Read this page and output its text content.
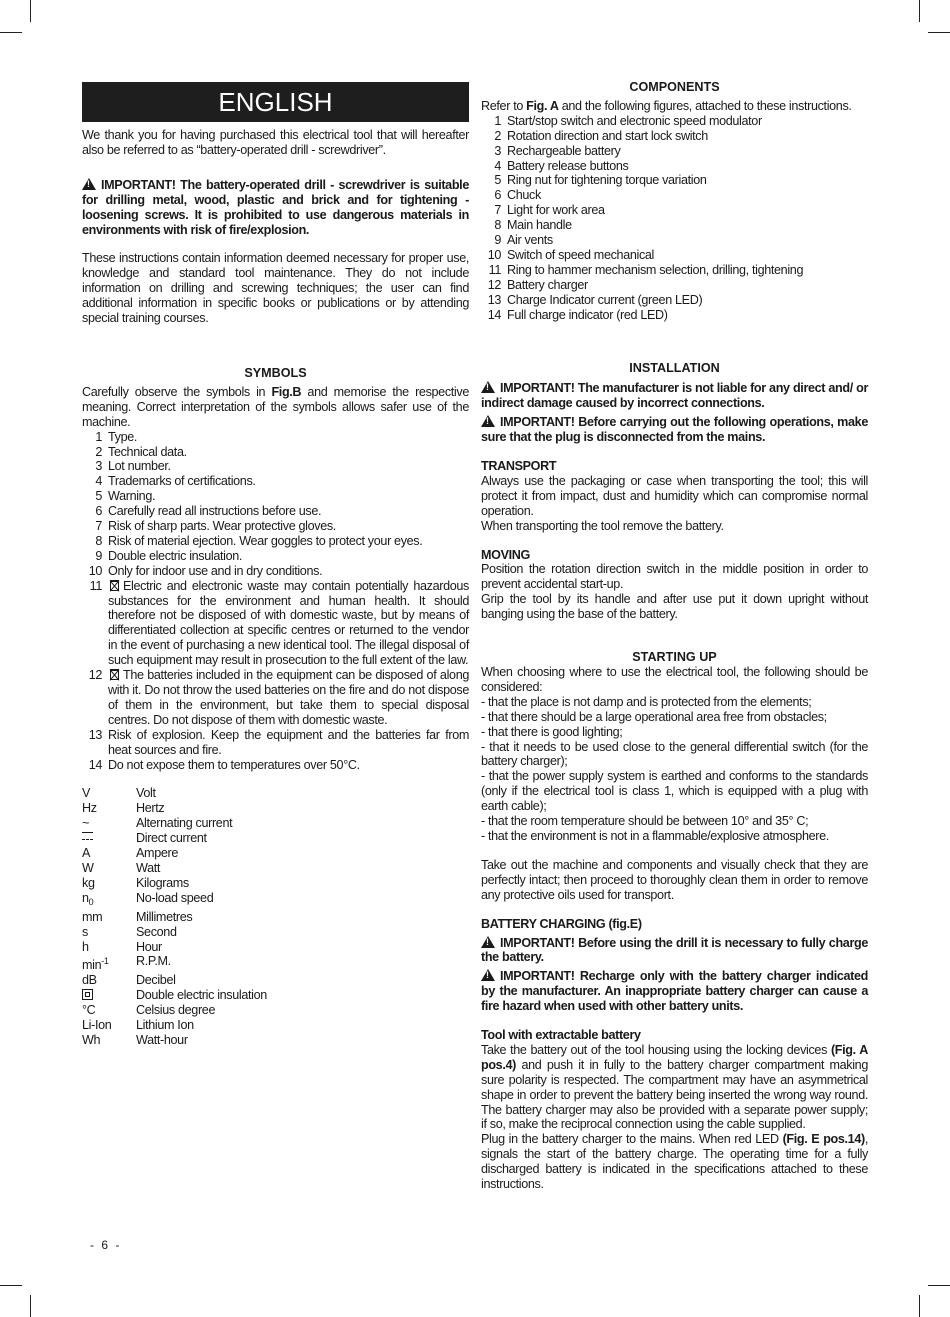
ENGLISH

We thank you for having purchased this electrical tool that will hereafter also be referred to as “battery-operated drill - screwdriver”.

!IMPORTANT! The battery-operated drill - screwdriver is suitable for drilling metal, wood, plastic and brick and for tightening - loosening screws. It is prohibited to use dangerous materials in environments with risk of fire/explosion.

These instructions contain information deemed necessary for proper use, knowledge and standard tool maintenance. They do not include information on drilling and screwing techniques; the user can find additional information in specific books or publications or by attending special training courses.

SYMBOLS

Carefully observe the symbols in Fig.B and memorise the respective meaning. Correct interpretation of the symbols allows safer use of the machine.

1 Type.
2 Technical data.
3 Lot number.
4 Trademarks of certifications.
5 Warning.
6 Carefully read all instructions before use.
7 Risk of sharp parts. Wear protective gloves.
8 Risk of material ejection. Wear goggles to protect your eyes.
9 Double electric insulation.
10 Only for indoor use and in dry conditions.
11	Electric and electronic waste may contain potentially hazardous substances for the environment and human health. It should therefore not be disposed of with domestic waste, but by means of differentiated collection at specific centres or returned to the vendor in the event of purchasing a new identical tool. The illegal disposal of such equipment may result in prosecution to the full extent of the law.
12	The batteries included in the equipment can be disposed of along with it. Do not throw the used batteries on the fire and do not dispose of them in the environment, but take them to special disposal centres. Do not dispose of them with domestic waste.
13 Risk of explosion. Keep the equipment and the batteries far from heat sources and fire.
14 Do not expose them to temperatures over 50°C.
V	Volt
Hz	Hertz
~	Alternating current
	Direct current
A	Ampere
W	Watt
kg	Kilograms
$n_0$	No-load speed
mm	Millimetres
s	Second
h	Hour
$\min^{-1}$	R.P.M.
dB	Decibel
	Double electric insulation
°C	Celsius degree
Li-Ion	Lithium Ion
Wh	Watt-hour
COMPONENTS

Refer to Fig. A and the following figures, attached to these instructions.

1 Start/stop switch and electronic speed modulator
2 Rotation direction and start lock switch
3 Rechargeable battery
4 Battery release buttons
5 Ring nut for tightening torque variation
6 Chuck
7 Light for work area
8 Main handle
9 Air vents
10 Switch of speed mechanical
11 Ring to hammer mechanism selection, drilling, tightening
12 Battery charger
13 Charge Indicator current (green LED)
14 Full charge indicator (red LED)
INSTALLATION

!IMPORTANT! The manufacturer is not liable for any direct and/ or indirect damage caused by incorrect connections.

!IMPORTANT! Before carrying out the following operations, make sure that the plug is disconnected from the mains.

TRANSPORT

Always use the packaging or case when transporting the tool; this will protect it from impact, dust and humidity which can compromise normal operation.

When transporting the tool remove the battery.

MOVING

Position the rotation direction switch in the middle position in order to prevent accidental start-up.

Grip the tool by its handle and after use put it down upright without banging using the base of the battery.

STARTING UP

When choosing where to use the electrical tool, the following should be considered:

- that the place is not damp and is protected from the elements;

- that there should be a large operational area free from obstacles;

- that there is good lighting;

- that it needs to be used close to the general differential switch (for the battery charger);

- that the power supply system is earthed and conforms to the standards (only if the electrical tool is class 1, which is equipped with a plug with earth cable);

- that the room temperature should be between 10° and 35° C;

- that the environment is not in a flammable/explosive atmosphere.

Take out the machine and components and visually check that they are perfectly intact; then proceed to thoroughly clean them in order to remove any protective oils used for transport.

BATTERY CHARGING (fig.E)

!IMPORTANT! Before using the drill it is necessary to fully charge the battery.

!IMPORTANT! Recharge only with the battery charger indicated by the manufacturer. An inappropriate battery charger can cause a fire hazard when used with other battery units.

Tool with extractable battery

Take the battery out of the tool housing using the locking devices (Fig. A pos.4) and push it in fully to the battery charger compartment making sure polarity is respected. The compartment may have an asymmetrical shape in order to prevent the battery being inserted the wrong way round. The battery charger may also be provided with a separate power supply; if so, make the reciprocal connection using the cable supplied.

Plug in the battery charger to the mains. When red LED (Fig. E pos.14), signals the start of the battery charge. The operating time for a fully discharged battery is indicated in the specifications attached to these instructions.

- 6 -
